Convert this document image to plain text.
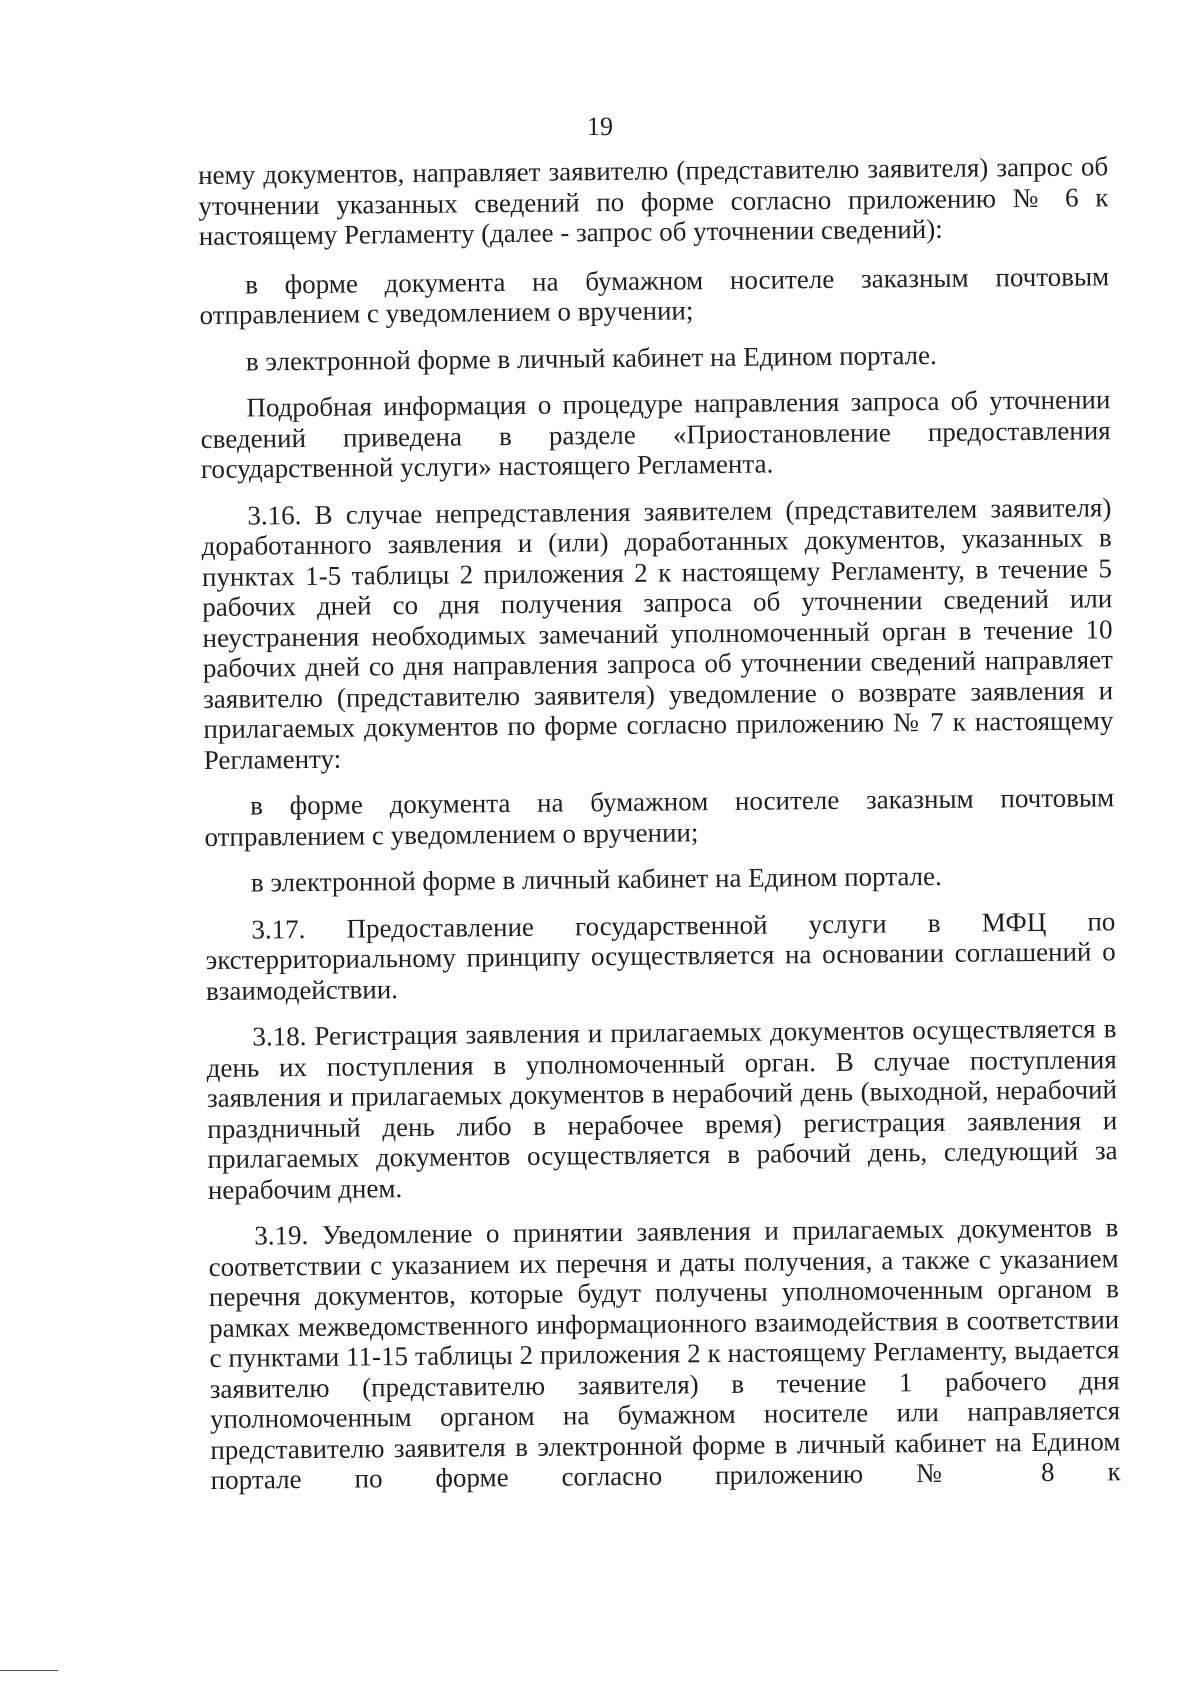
19

нему документов, направляет заявителю (представителю заявителя) запрос об уточнении указанных сведений по форме согласно приложению № 6 к настоящему Регламенту (далее - запрос об уточнении сведений):

в форме документа на бумажном носителе заказным почтовым отправлением с уведомлением о вручении;

в электронной форме в личный кабинет на Едином портале.

Подробная информация о процедуре направления запроса об уточнении сведений приведена в разделе «Приостановление предоставления государственной услуги» настоящего Регламента.

3.16. В случае непредставления заявителем (представителем заявителя) доработанного заявления и (или) доработанных документов, указанных в пунктах 1-5 таблицы 2 приложения 2 к настоящему Регламенту, в течение 5 рабочих дней со дня получения запроса об уточнении сведений или неустранения необходимых замечаний уполномоченный орган в течение 10 рабочих дней со дня направления запроса об уточнении сведений направляет заявителю (представителю заявителя) уведомление о возврате заявления и прилагаемых документов по форме согласно приложению № 7 к настоящему Регламенту:

в форме документа на бумажном носителе заказным почтовым отправлением с уведомлением о вручении;

в электронной форме в личный кабинет на Едином портале.

3.17. Предоставление государственной услуги в МФЦ по экстерриториальному принципу осуществляется на основании соглашений о взаимодействии.

3.18. Регистрация заявления и прилагаемых документов осуществляется в день их поступления в уполномоченный орган. В случае поступления заявления и прилагаемых документов в нерабочий день (выходной, нерабочий праздничный день либо в нерабочее время) регистрация заявления и прилагаемых документов осуществляется в рабочий день, следующий за нерабочим днем.

3.19. Уведомление о принятии заявления и прилагаемых документов в соответствии с указанием их перечня и даты получения, а также с указанием перечня документов, которые будут получены уполномоченным органом в рамках межведомственного информационного взаимодействия в соответствии с пунктами 11-15 таблицы 2 приложения 2 к настоящему Регламенту, выдается заявителю (представителю заявителя) в течение 1 рабочего дня уполномоченным органом на бумажном носителе или направляется представителю заявителя в электронной форме в личный кабинет на Едином портале по форме согласно приложению № 8 к
